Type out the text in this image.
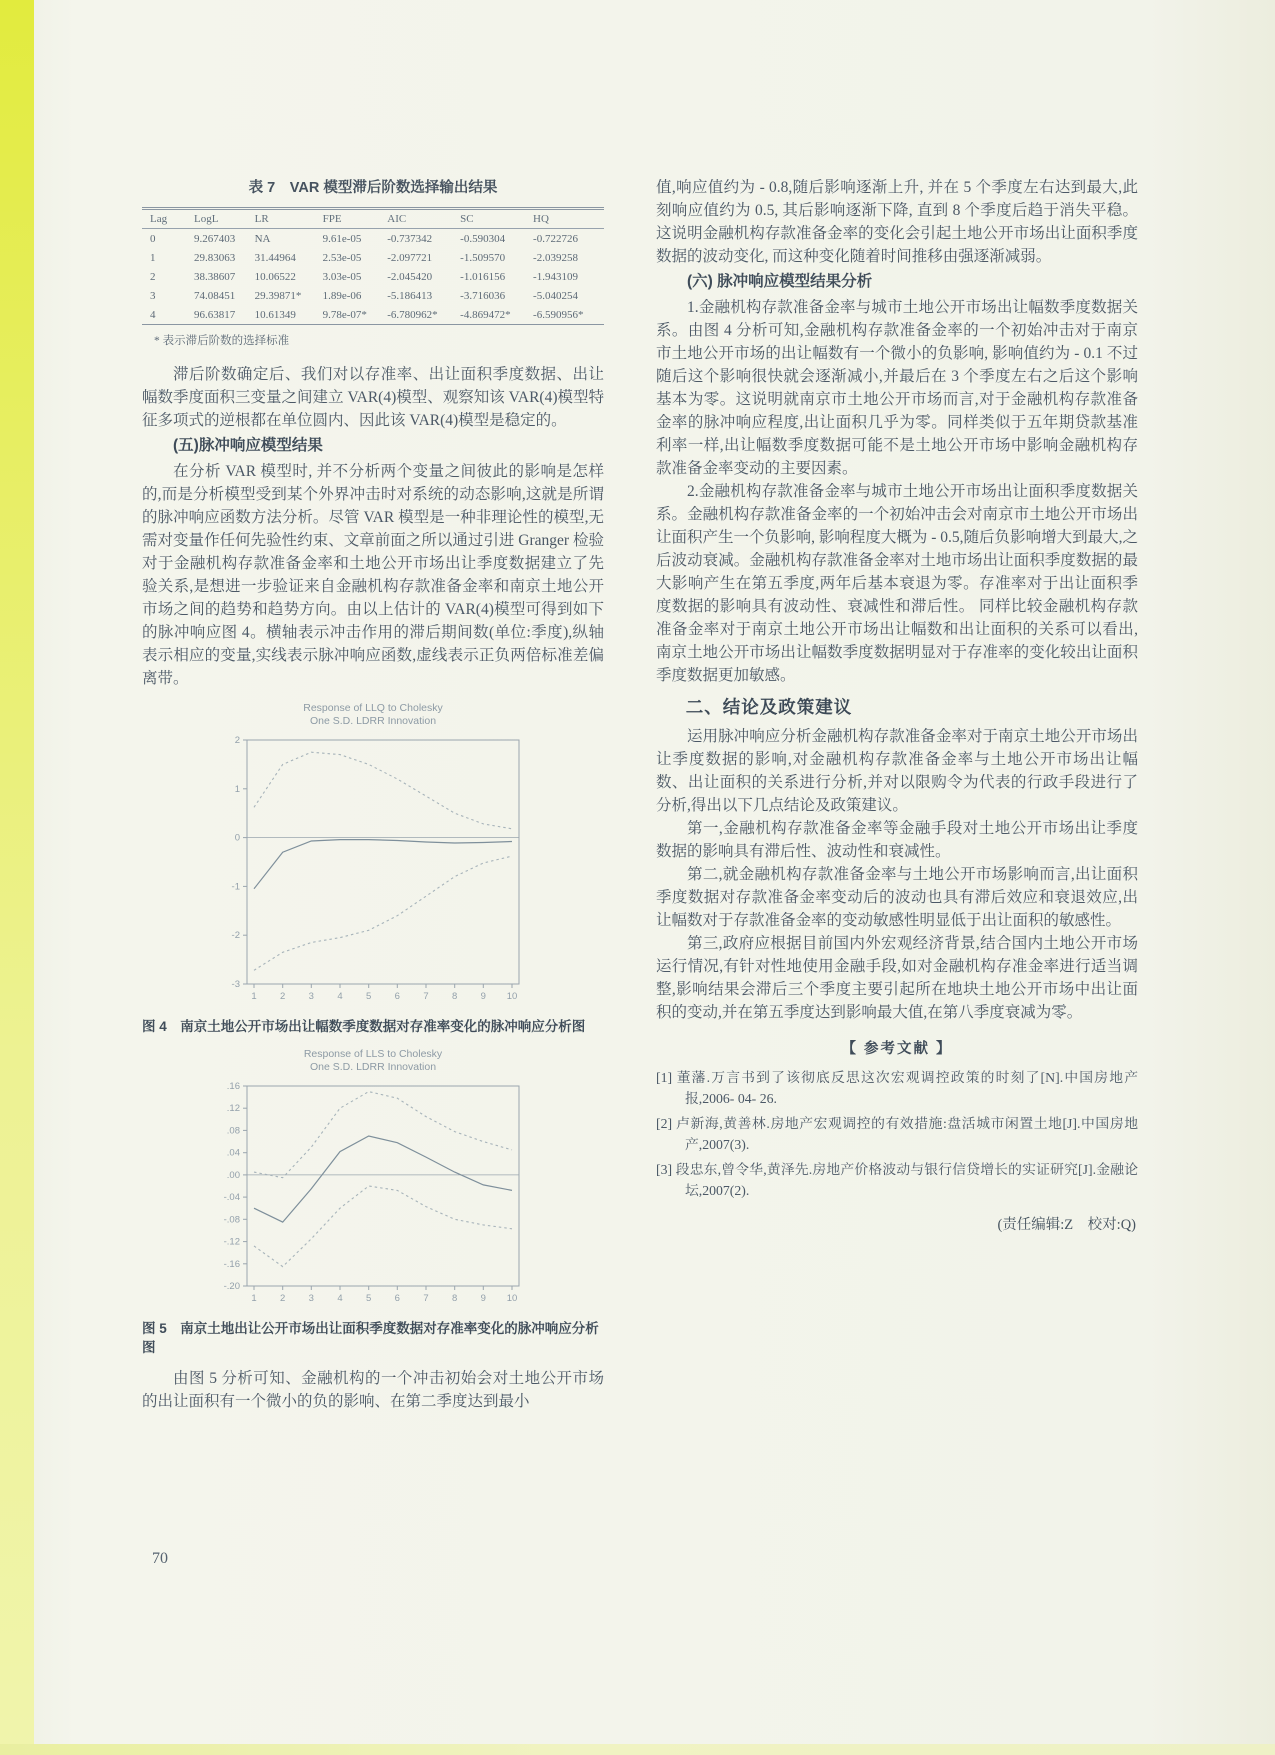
表 7　VAR 模型滞后阶数选择输出结果
Lag	LogL	LR	FPE	AIC	SC	HQ
0	9.267403	NA	9.61e-05	-0.737342	-0.590304	-0.722726
1	29.83063	31.44964	2.53e-05	-2.097721	-1.509570	-2.039258
2	38.38607	10.06522	3.03e-05	-2.045420	-1.016156	-1.943109
3	74.08451	29.39871*	1.89e-06	-5.186413	-3.716036	-5.040254
4	96.63817	10.61349	9.78e-07*	-6.780962*	-4.869472*	-6.590956*
* 表示滞后阶数的选择标准

滞后阶数确定后、我们对以存准率、出让面积季度数据、出让幅数季度面积三变量之间建立 VAR(4)模型、观察知该 VAR(4)模型特征多项式的逆根都在单位圆内、因此该 VAR(4)模型是稳定的。

(五)脉冲响应模型结果

在分析 VAR 模型时, 并不分析两个变量之间彼此的影响是怎样的,而是分析模型受到某个外界冲击时对系统的动态影响,这就是所谓的脉冲响应函数方法分析。尽管 VAR 模型是一种非理论性的模型,无需对变量作任何先验性约束、文章前面之所以通过引进 Granger 检验对于金融机构存款准备金率和土地公开市场出让季度数据建立了先验关系,是想进一步验证来自金融机构存款准备金率和南京土地公开市场之间的趋势和趋势方向。由以上估计的 VAR(4)模型可得到如下的脉冲响应图 4。横轴表示冲击作用的滞后期间数(单位:季度),纵轴表示相应的变量,实线表示脉冲响应函数,虚线表示正负两倍标准差偏离带。

Response of LLQ to Cholesky
One S.D. LDRR Innovation
2
1
0
-1
-2
-3
1 2 3 4 5 6 7 8 9 10
图 4　南京土地公开市场出让幅数季度数据对存准率变化的脉冲响应分析图
Response of LLS to Cholesky
One S.D. LDRR Innovation
.16
.12
.08
.04
.00
-.04
-.08
-.12
-.16
-.20
1 2 3 4 5 6 7 8 9 10
图 5　南京土地出让公开市场出让面积季度数据对存准率变化的脉冲响应分析图

由图 5 分析可知、金融机构的一个冲击初始会对土地公开市场的出让面积有一个微小的负的影响、在第二季度达到最小

值,响应值约为 - 0.8,随后影响逐渐上升, 并在 5 个季度左右达到最大,此刻响应值约为 0.5, 其后影响逐渐下降, 直到 8 个季度后趋于消失平稳。这说明金融机构存款准备金率的变化会引起土地公开市场出让面积季度数据的波动变化, 而这种变化随着时间推移由强逐渐减弱。

(六) 脉冲响应模型结果分析

1.金融机构存款准备金率与城市土地公开市场出让幅数季度数据关系。由图 4 分析可知,金融机构存款准备金率的一个初始冲击对于南京市土地公开市场的出让幅数有一个微小的负影响, 影响值约为 - 0.1 不过随后这个影响很快就会逐渐减小,并最后在 3 个季度左右之后这个影响基本为零。这说明就南京市土地公开市场而言,对于金融机构存款准备金率的脉冲响应程度,出让面积几乎为零。同样类似于五年期贷款基准利率一样,出让幅数季度数据可能不是土地公开市场中影响金融机构存款准备金率变动的主要因素。

2.金融机构存款准备金率与城市土地公开市场出让面积季度数据关系。金融机构存款准备金率的一个初始冲击会对南京市土地公开市场出让面积产生一个负影响, 影响程度大概为 - 0.5,随后负影响增大到最大,之后波动衰减。金融机构存款准备金率对土地市场出让面积季度数据的最大影响产生在第五季度,两年后基本衰退为零。存准率对于出让面积季度数据的影响具有波动性、衰减性和滞后性。 同样比较金融机构存款准备金率对于南京土地公开市场出让幅数和出让面积的关系可以看出,南京土地公开市场出让幅数季度数据明显对于存准率的变化较出让面积季度数据更加敏感。

二、结论及政策建议

运用脉冲响应分析金融机构存款准备金率对于南京土地公开市场出让季度数据的影响,对金融机构存款准备金率与土地公开市场出让幅数、出让面积的关系进行分析,并对以限购令为代表的行政手段进行了分析,得出以下几点结论及政策建议。

第一,金融机构存款准备金率等金融手段对土地公开市场出让季度数据的影响具有滞后性、波动性和衰减性。

第二,就金融机构存款准备金率与土地公开市场影响而言,出让面积季度数据对存款准备金率变动后的波动也具有滞后效应和衰退效应,出让幅数对于存款准备金率的变动敏感性明显低于出让面积的敏感性。

第三,政府应根据目前国内外宏观经济背景,结合国内土地公开市场运行情况,有针对性地使用金融手段,如对金融机构存准金率进行适当调整,影响结果会滞后三个季度主要引起所在地块土地公开市场中出让面积的变动,并在第五季度达到影响最大值,在第八季度衰减为零。

【 参考文献 】

[1] 董藩.万言书到了该彻底反思这次宏观调控政策的时刻了[N].中国房地产报,2006- 04- 26.

[2] 卢新海,黄善林.房地产宏观调控的有效措施:盘活城市闲置土地[J].中国房地产,2007(3).

[3] 段忠东,曾令华,黄泽先.房地产价格波动与银行信贷增长的实证研究[J].金融论坛,2007(2).

(责任编辑:Z　校对:Q)
70
